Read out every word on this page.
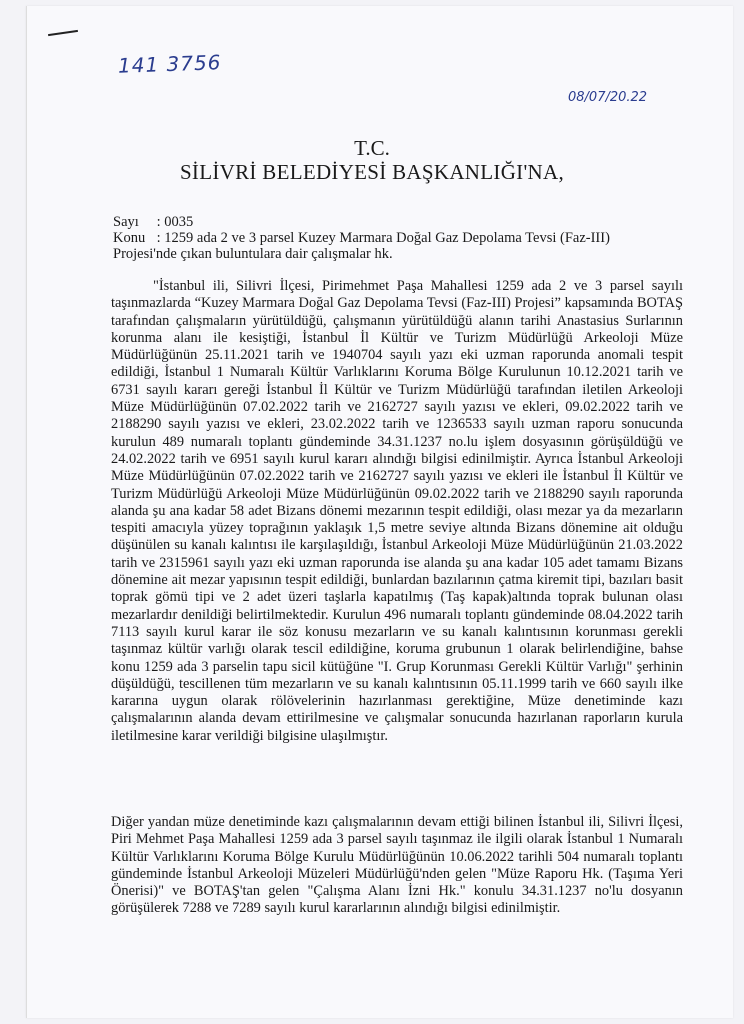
141 3756
08/07/20.22
T.C.
SİLİVRİ BELEDİYESİ BAŞKANLIĞI'NA,
Sayı : 0035
Konu : 1259 ada 2 ve 3 parsel Kuzey Marmara Doğal Gaz Depolama Tevsi (Faz-III)
Projesi'nde çıkan buluntulara dair çalışmalar hk.

"İstanbul ili, Silivri İlçesi, Pirimehmet Paşa Mahallesi 1259 ada 2 ve 3 parsel sayılı taşınmazlarda “Kuzey Marmara Doğal Gaz Depolama Tevsi (Faz-III) Projesi” kapsamında BOTAŞ tarafından çalışmaların yürütüldüğü, çalışmanın yürütüldüğü alanın tarihi Anastasius Surlarının korunma alanı ile kesiştiği, İstanbul İl Kültür ve Turizm Müdürlüğü Arkeoloji Müze Müdürlüğünün 25.11.2021 tarih ve 1940704 sayılı yazı eki uzman raporunda anomali tespit edildiği, İstanbul 1 Numaralı Kültür Varlıklarını Koruma Bölge Kurulunun 10.12.2021 tarih ve 6731 sayılı kararı gereği İstanbul İl Kültür ve Turizm Müdürlüğü tarafından iletilen Arkeoloji Müze Müdürlüğünün 07.02.2022 tarih ve 2162727 sayılı yazısı ve ekleri, 09.02.2022 tarih ve 2188290 sayılı yazısı ve ekleri, 23.02.2022 tarih ve 1236533 sayılı uzman raporu sonucunda kurulun 489 numaralı toplantı gündeminde 34.31.1237 no.lu işlem dosyasının görüşüldüğü ve 24.02.2022 tarih ve 6951 sayılı kurul kararı alındığı bilgisi edinilmiştir. Ayrıca İstanbul Arkeoloji Müze Müdürlüğünün 07.02.2022 tarih ve 2162727 sayılı yazısı ve ekleri ile İstanbul İl Kültür ve Turizm Müdürlüğü Arkeoloji Müze Müdürlüğünün 09.02.2022 tarih ve 2188290 sayılı raporunda alanda şu ana kadar 58 adet Bizans dönemi mezarının tespit edildiği, olası mezar ya da mezarların tespiti amacıyla yüzey toprağının yaklaşık 1,5 metre seviye altında Bizans dönemine ait olduğu düşünülen su kanalı kalıntısı ile karşılaşıldığı, İstanbul Arkeoloji Müze Müdürlüğünün 21.03.2022 tarih ve 2315961 sayılı yazı eki uzman raporunda ise alanda şu ana kadar 105 adet tamamı Bizans dönemine ait mezar yapısının tespit edildiği, bunlardan bazılarının çatma kiremit tipi, bazıları basit toprak gömü tipi ve 2 adet üzeri taşlarla kapatılmış (Taş kapak)altında toprak bulunan olası mezarlardır denildiği belirtilmektedir. Kurulun 496 numaralı toplantı gündeminde 08.04.2022 tarih 7113 sayılı kurul karar ile söz konusu mezarların ve su kanalı kalıntısının korunması gerekli taşınmaz kültür varlığı olarak tescil edildiğine, koruma grubunun 1 olarak belirlendiğine, bahse konu 1259 ada 3 parselin tapu sicil kütüğüne "I. Grup Korunması Gerekli Kültür Varlığı" şerhinin düşüldüğü, tescillenen tüm mezarların ve su kanalı kalıntısının 05.11.1999 tarih ve 660 sayılı ilke kararına uygun olarak rölövelerinin hazırlanması gerektiğine, Müze denetiminde kazı çalışmalarının alanda devam ettirilmesine ve çalışmalar sonucunda hazırlanan raporların kurula iletilmesine karar verildiği bilgisine ulaşılmıştır.

Diğer yandan müze denetiminde kazı çalışmalarının devam ettiği bilinen İstanbul ili, Silivri İlçesi, Piri Mehmet Paşa Mahallesi 1259 ada 3 parsel sayılı taşınmaz ile ilgili olarak İstanbul 1 Numaralı Kültür Varlıklarını Koruma Bölge Kurulu Müdürlüğünün 10.06.2022 tarihli 504 numaralı toplantı gündeminde İstanbul Arkeoloji Müzeleri Müdürlüğü'nden gelen "Müze Raporu Hk. (Taşıma Yeri Önerisi)" ve BOTAŞ'tan gelen "Çalışma Alanı İzni Hk." konulu 34.31.1237 no'lu dosyanın görüşülerek 7288 ve 7289 sayılı kurul kararlarının alındığı bilgisi edinilmiştir.
